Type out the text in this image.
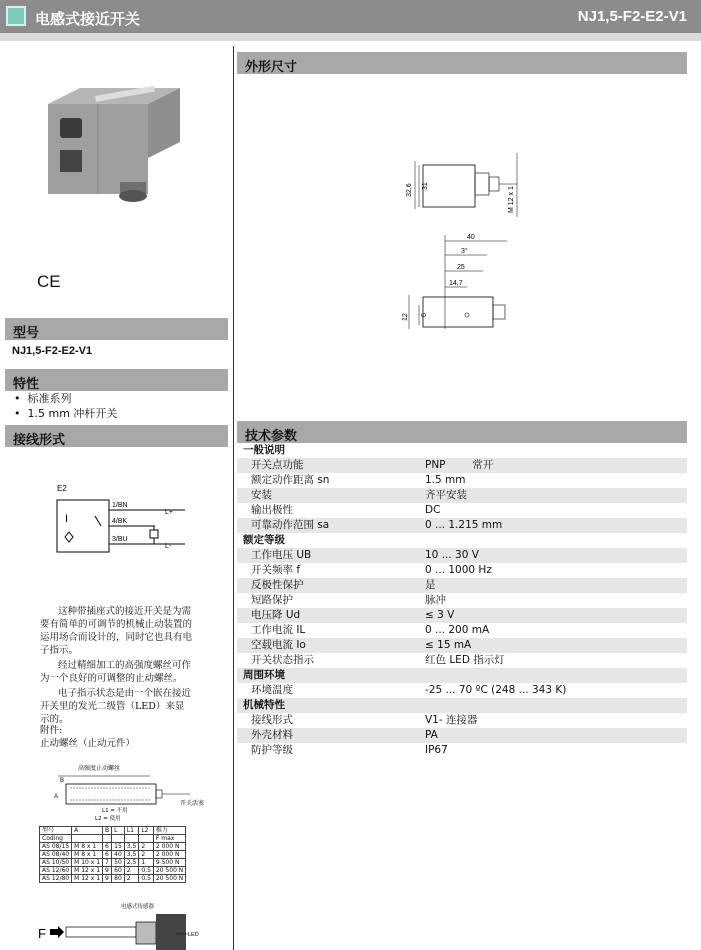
电感式接近开关	NJ1,5-F2-E2-V1
CE
型号
NJ1,5-F2-E2-V1
特性
•  标准系列
•  1.5 mm 冲杆开关
接线形式
E2
I
1/BN
4/BK
3/BU
L+
L-

这种带插座式的接近开关是为需要有简单的可调节的机械止动装置的运用场合而设计的，同时它也具有电子指示。

经过精细加工的高强度螺丝可作为一个良好的可调整的止动螺丝。

电子指示状态是由一个嵌在接近开关里的发光二级管（LED）来显示的。

附件:
止动螺丝（止动元件）
高强度止动螺丝
A
B
开关活塞
L1 = 不用
L2 = 使用
型号	A	B	L	L1	L2	推力
Coding						F max
AS 08/15	M 8 x 1	6	15	3,5	2	2 000 N
AS 08/40	M 8 x 1	6	40	3,5	2	2 000 N
AS 10/50	M 10 x 1	7	50	2,5	1	9 500 N
AS 12/60	M 12 x 1	9	60	2	0,5	20 500 N
AS 12/80	M 12 x 1	9	80	2	0,5	20 500 N
电感式传感器
F	LED
外形尺寸
32,6 31
M 12 x 1
40
3°
25
14,7
12 6
技术参数
一般说明
开关点功能	PNP        常开
额定动作距离 sn	1.5 mm
安装	齐平安装
输出极性	DC
可靠动作范围 sa	0 ... 1.215 mm
额定等级
工作电压 UB	10 ... 30 V
开关频率 f	0 ... 1000 Hz
反极性保护	是
短路保护	脉冲
电压降 Ud	≤ 3 V
工作电流 IL	0 ... 200 mA
空载电流 Io	≤ 15 mA
开关状态指示	红色 LED 指示灯
周围环境
环境温度	-25 ... 70 ºC (248 ... 343 K)
机械特性
接线形式	V1- 连接器
外壳材料	PA
防护等级	IP67
